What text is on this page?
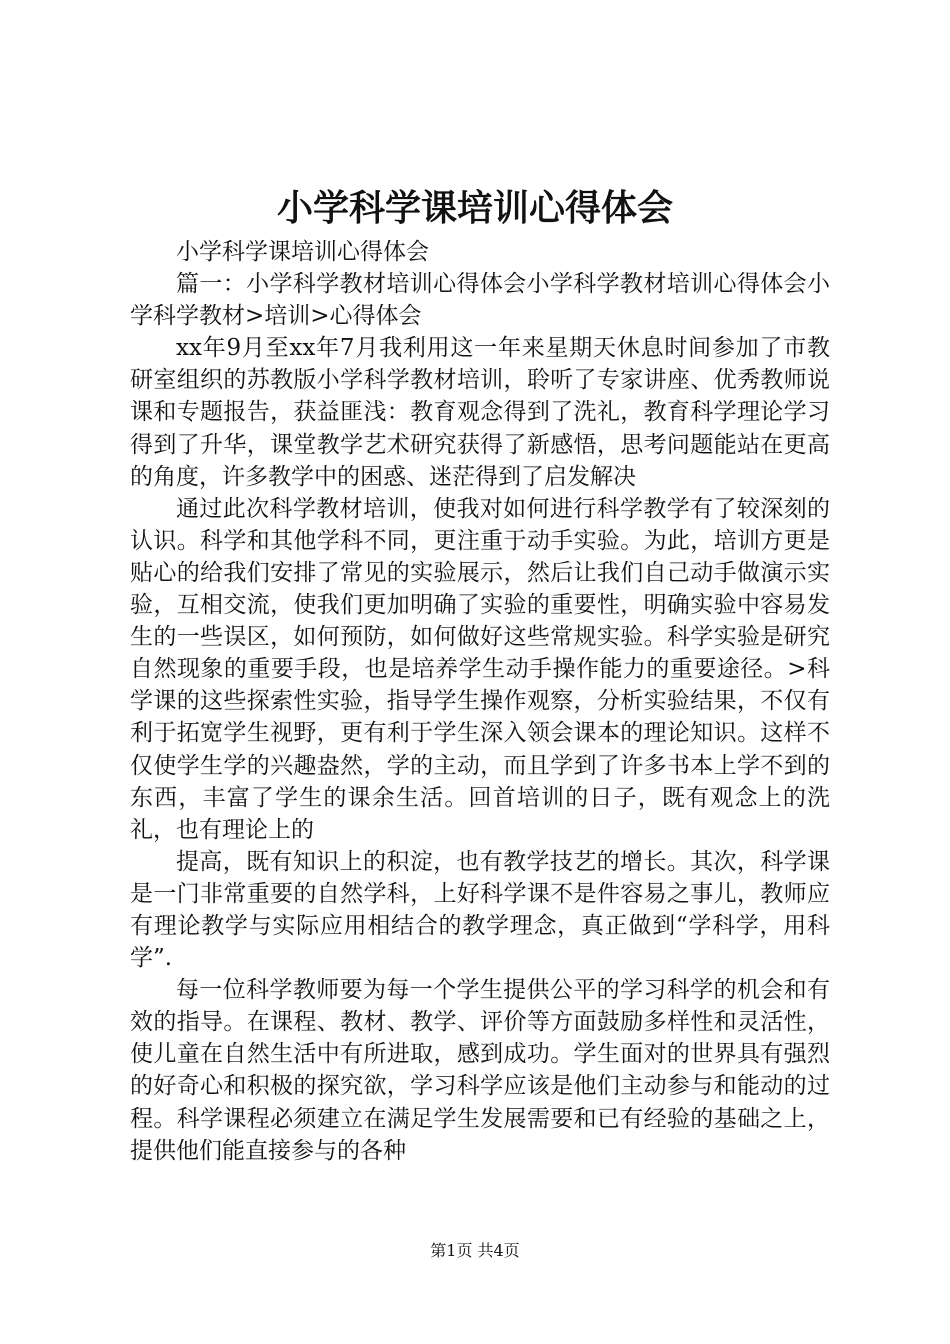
小学科学课培训心得体会

小学科学课培训心得体会

篇一：小学科学教材培训心得体会小学科学教材培训心得体会小学科学教材>培训>心得体会

xx年9月至xx年7月我利用这一年来星期天休息时间参加了市教研室组织的苏教版小学科学教材培训，聆听了专家讲座、优秀教师说课和专题报告，获益匪浅：教育观念得到了洗礼，教育科学理论学习得到了升华，课堂教学艺术研究获得了新感悟，思考问题能站在更高的角度，许多教学中的困惑、迷茫得到了启发解决

通过此次科学教材培训，使我对如何进行科学教学有了较深刻的认识。科学和其他学科不同，更注重于动手实验。为此，培训方更是贴心的给我们安排了常见的实验展示，然后让我们自己动手做演示实验，互相交流，使我们更加明确了实验的重要性，明确实验中容易发生的一些误区，如何预防，如何做好这些常规实验。科学实验是研究自然现象的重要手段，也是培养学生动手操作能力的重要途径。>科学课的这些探索性实验，指导学生操作观察，分析实验结果，不仅有利于拓宽学生视野，更有利于学生深入领会课本的理论知识。这样不仅使学生学的兴趣盎然，学的主动，而且学到了许多书本上学不到的东西，丰富了学生的课余生活。回首培训的日子，既有观念上的洗礼，也有理论上的

提高，既有知识上的积淀，也有教学技艺的增长。其次，科学课是一门非常重要的自然学科，上好科学课不是件容易之事儿，教师应有理论教学与实际应用相结合的教学理念，真正做到“学科学，用科学”.

每一位科学教师要为每一个学生提供公平的学习科学的机会和有效的指导。在课程、教材、教学、评价等方面鼓励多样性和灵活性，使儿童在自然生活中有所进取，感到成功。学生面对的世界具有强烈的好奇心和积极的探究欲，学习科学应该是他们主动参与和能动的过程。科学课程必须建立在满足学生发展需要和已有经验的基础之上，提供他们能直接参与的各种

第1页 共4页
